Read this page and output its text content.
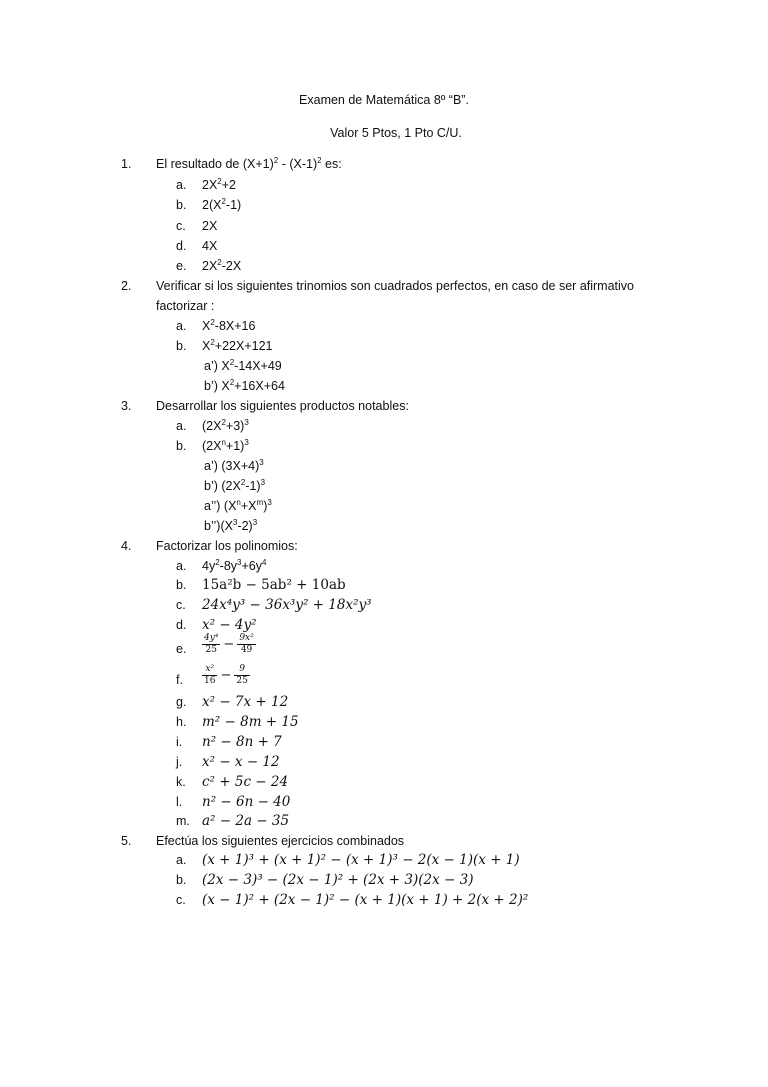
Examen de Matemática 8º “B”.
Valor 5 Ptos, 1 Pto C/U.
1. El resultado de $(X+1)^2 - (X-1)^2$ es:
a. $2X^2+2$
b. $2(X^2-1)$
c. 2X
d. 4X
e. $2X^2-2X$
2. Verificar si los siguientes trinomios son cuadrados perfectos, en caso de ser afirmativo
factorizar :
a. $X^2-8X+16$
b. $X^2+22X+121$
a’) $X^2-14X+49$
b’) $X^2+16X+64$
3. Desarrollar los siguientes productos notables:
a. $(2X^2+3)^3$
b. $(2X^n+1)^3$
a’) $(3X+4)^3$
b’) $(2X^2-1)^3$
a’’) $(X^n+X^m)^3$
$b’’)(X^3-2)^3$
4. Factorizar los polinomios:
a. $4y^2-8y^3+6y^4$
b. 15a²b − 5ab² + 10ab
c. 24x⁴y³ − 36x³y² + 18x²y³
d. x² − 4y²
e. $\frac{\text{4y⁴}}{25} - \frac{\text{9x²}}{49}$
f. $\frac{\text{x²}}{16} - \frac{9}{25}$
g. x² − 7x + 12
h. m² − 8m + 15
i. n² − 8n + 7
j. x² − x − 12
k. c² + 5c − 24
l. n² − 6n − 40
m. a² − 2a − 35
5. Efectúa los siguientes ejercicios combinados
a. (x + 1)³ + (x + 1)² − (x + 1)³ − 2(x − 1)(x + 1)
b. (2x − 3)³ − (2x − 1)² + (2x + 3)(2x − 3)
c. (x − 1)² + (2x − 1)² − (x + 1)(x + 1) + 2(x + 2)²
